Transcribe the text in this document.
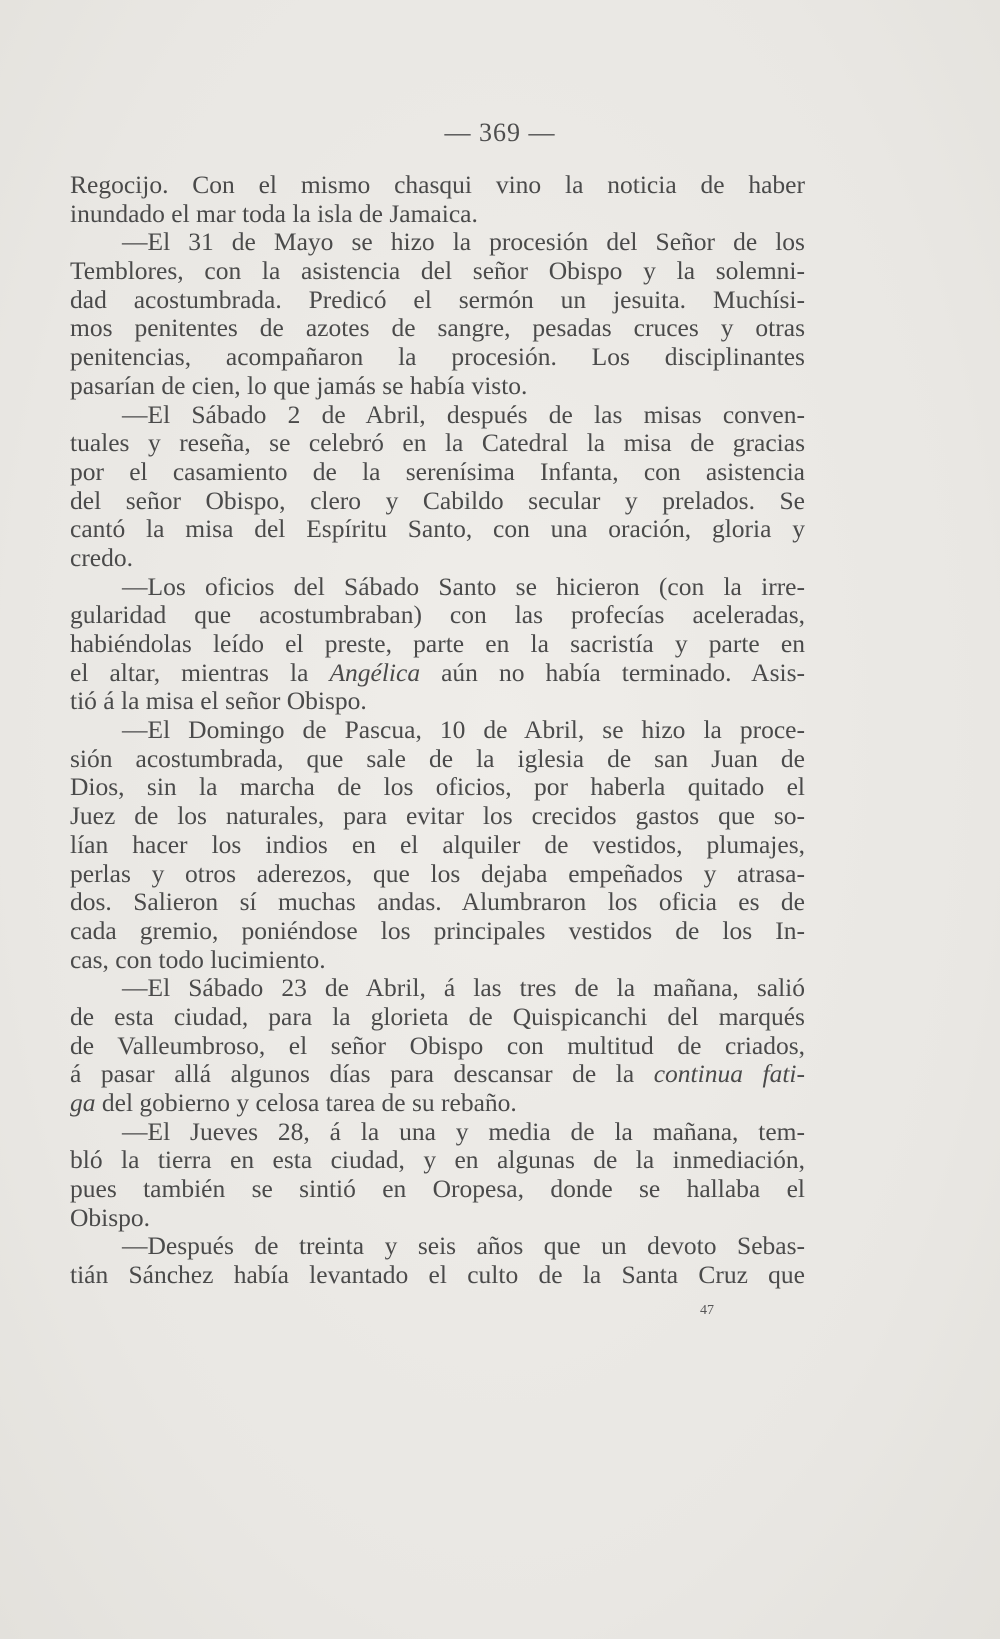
— 369 —
Regocijo. Con el mismo chasqui vino la noticia de haber
inundado el mar toda la isla de Jamaica.
—El 31 de Mayo se hizo la procesión del Señor de los
Temblores, con la asistencia del señor Obispo y la solemni-
dad acostumbrada. Predicó el sermón un jesuita. Muchísi-
mos penitentes de azotes de sangre, pesadas cruces y otras
penitencias, acompañaron la procesión. Los disciplinantes
pasarían de cien, lo que jamás se había visto.
—El Sábado 2 de Abril, después de las misas conven-
tuales y reseña, se celebró en la Catedral la misa de gracias
por el casamiento de la serenísima Infanta, con asistencia
del señor Obispo, clero y Cabildo secular y prelados. Se
cantó la misa del Espíritu Santo, con una oración, gloria y
credo.
—Los oficios del Sábado Santo se hicieron (con la irre-
gularidad que acostumbraban) con las profecías aceleradas,
habiéndolas leído el preste, parte en la sacristía y parte en
el altar, mientras la Angélica aún no había terminado. Asis-
tió á la misa el señor Obispo.
—El Domingo de Pascua, 10 de Abril, se hizo la proce-
sión acostumbrada, que sale de la iglesia de san Juan de
Dios, sin la marcha de los oficios, por haberla quitado el
Juez de los naturales, para evitar los crecidos gastos que so-
lían hacer los indios en el alquiler de vestidos, plumajes,
perlas y otros aderezos, que los dejaba empeñados y atrasa-
dos. Salieron sí muchas andas. Alumbraron los oficia es de
cada gremio, poniéndose los principales vestidos de los In-
cas, con todo lucimiento.
—El Sábado 23 de Abril, á las tres de la mañana, salió
de esta ciudad, para la glorieta de Quispicanchi del marqués
de Valleumbroso, el señor Obispo con multitud de criados,
á pasar allá algunos días para descansar de la continua fati-
ga del gobierno y celosa tarea de su rebaño.
—El Jueves 28, á la una y media de la mañana, tem-
bló la tierra en esta ciudad, y en algunas de la inmediación,
pues también se sintió en Oropesa, donde se hallaba el
Obispo.
—Después de treinta y seis años que un devoto Sebas-
tián Sánchez había levantado el culto de la Santa Cruz que
47
